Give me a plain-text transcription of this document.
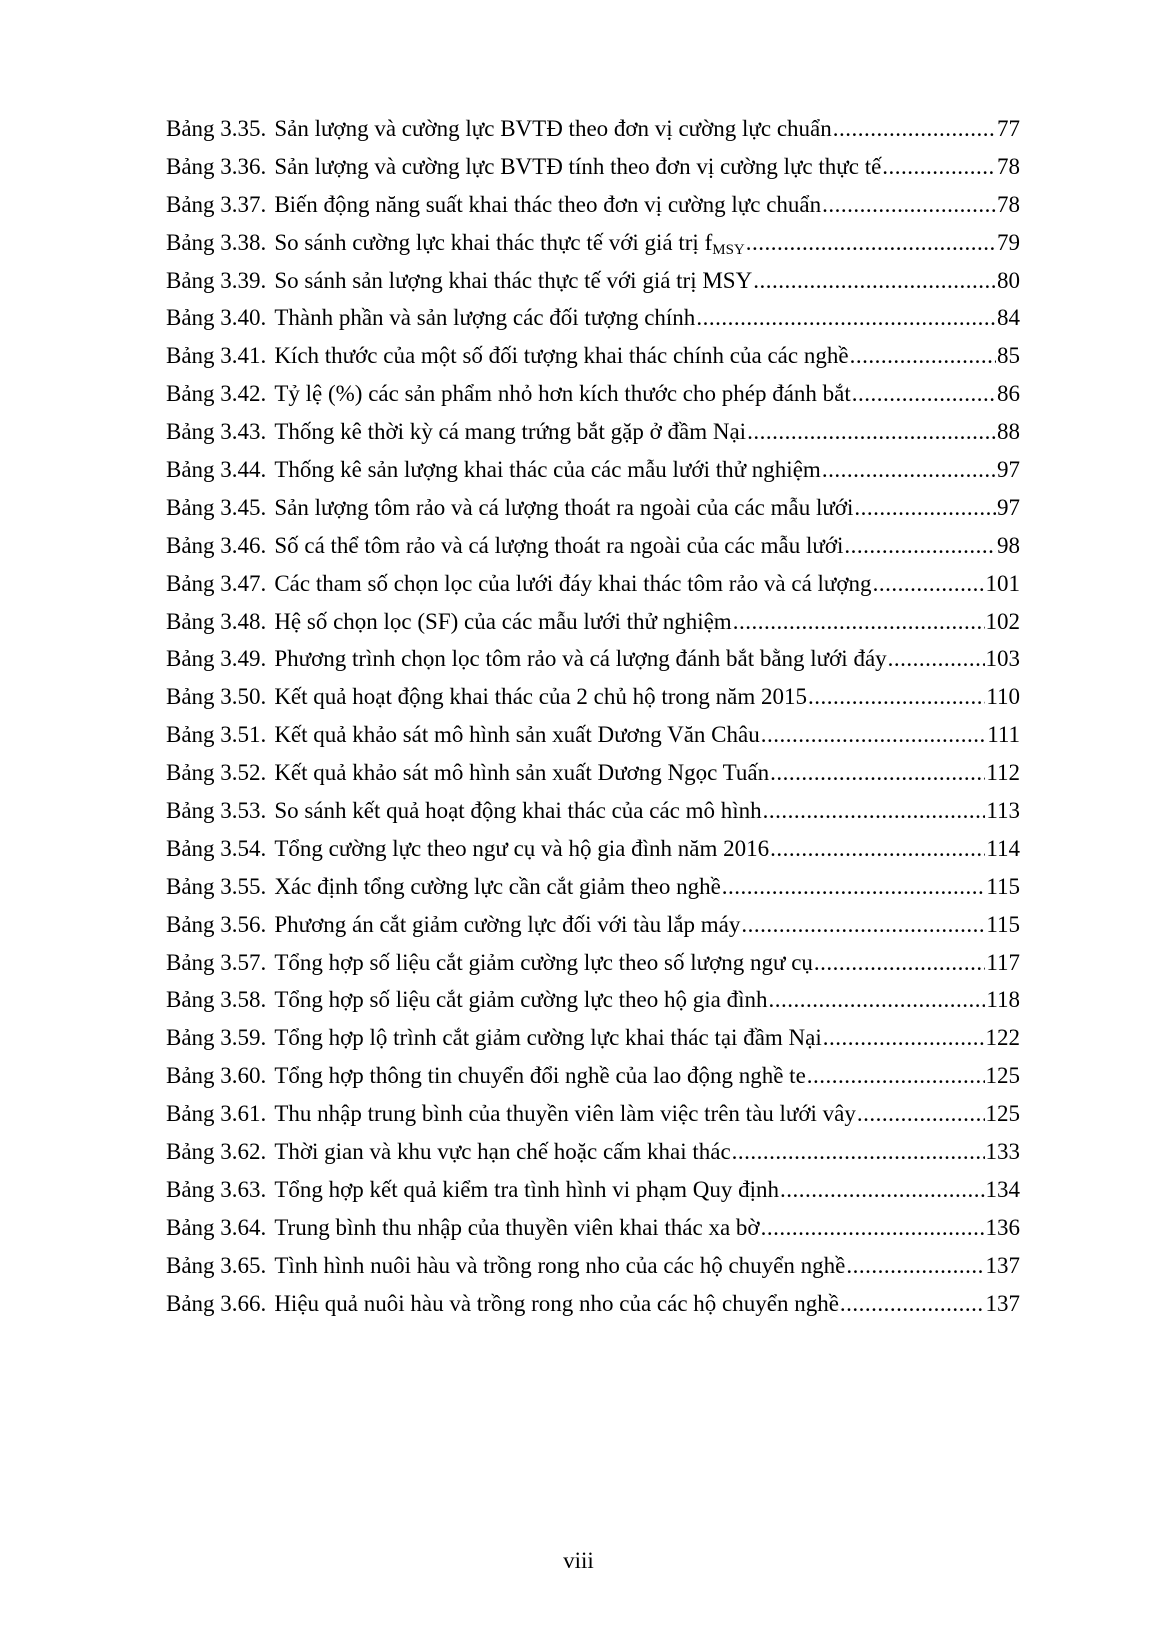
Bảng 3.35. Sản lượng và cường lực BVTĐ theo đơn vị cường lực chuẩn .....	77
Bảng 3.36. Sản lượng và cường lực BVTĐ tính theo đơn vị cường lực thực tế .....	78
Bảng 3.37. Biến động năng suất khai thác theo đơn vị cường lực chuẩn .....	78
Bảng 3.38. So sánh cường lực khai thác thực tế với giá trị $f_{MSY}$ .....	79
Bảng 3.39. So sánh sản lượng khai thác thực tế với giá trị MSY .....	80
Bảng 3.40. Thành phần và sản lượng các đối tượng chính .....	84
Bảng 3.41. Kích thước của một số đối tượng khai thác chính của các nghề .....	85
Bảng 3.42. Tỷ lệ (%) các sản phẩm nhỏ hơn kích thước cho phép đánh bắt .....	86
Bảng 3.43. Thống kê thời kỳ cá mang trứng bắt gặp ở đầm Nại .....	88
Bảng 3.44. Thống kê sản lượng khai thác của các mẫu lưới thử nghiệm .....	97
Bảng 3.45. Sản lượng tôm rảo và cá lượng thoát ra ngoài của các mẫu lưới .....	97
Bảng 3.46. Số cá thể tôm rảo và cá lượng thoát ra ngoài của các mẫu lưới .....	98
Bảng 3.47. Các tham số chọn lọc của lưới đáy khai thác tôm rảo và cá lượng .....	101
Bảng 3.48. Hệ số chọn lọc (SF) của các mẫu lưới thử nghiệm .....	102
Bảng 3.49. Phương trình chọn lọc tôm rảo và cá lượng đánh bắt bằng lưới đáy .....	103
Bảng 3.50. Kết quả hoạt động khai thác của 2 chủ hộ trong năm 2015 .....	110
Bảng 3.51. Kết quả khảo sát mô hình sản xuất Dương Văn Châu .....	111
Bảng 3.52. Kết quả khảo sát mô hình sản xuất Dương Ngọc Tuấn .....	112
Bảng 3.53. So sánh kết quả hoạt động khai thác của các mô hình .....	113
Bảng 3.54. Tổng cường lực theo ngư cụ và hộ gia đình năm 2016 .....	114
Bảng 3.55. Xác định tổng cường lực cần cắt giảm theo nghề .....	115
Bảng 3.56. Phương án cắt giảm cường lực đối với tàu lắp máy .....	115
Bảng 3.57. Tổng hợp số liệu cắt giảm cường lực theo số lượng ngư cụ .....	117
Bảng 3.58. Tổng hợp số liệu cắt giảm cường lực theo hộ gia đình .....	118
Bảng 3.59. Tổng hợp lộ trình cắt giảm cường lực khai thác tại đầm Nại .....	122
Bảng 3.60. Tổng hợp thông tin chuyển đổi nghề của lao động nghề te .....	125
Bảng 3.61. Thu nhập trung bình của thuyền viên làm việc trên tàu lưới vây .....	125
Bảng 3.62. Thời gian và khu vực hạn chế hoặc cấm khai thác .....	133
Bảng 3.63. Tổng hợp kết quả kiểm tra tình hình vi phạm Quy định .....	134
Bảng 3.64. Trung bình thu nhập của thuyền viên khai thác xa bờ .....	136
Bảng 3.65. Tình hình nuôi hàu và trồng rong nho của các hộ chuyển nghề .....	137
Bảng 3.66. Hiệu quả nuôi hàu và trồng rong nho của các hộ chuyển nghề .....	137
viii
